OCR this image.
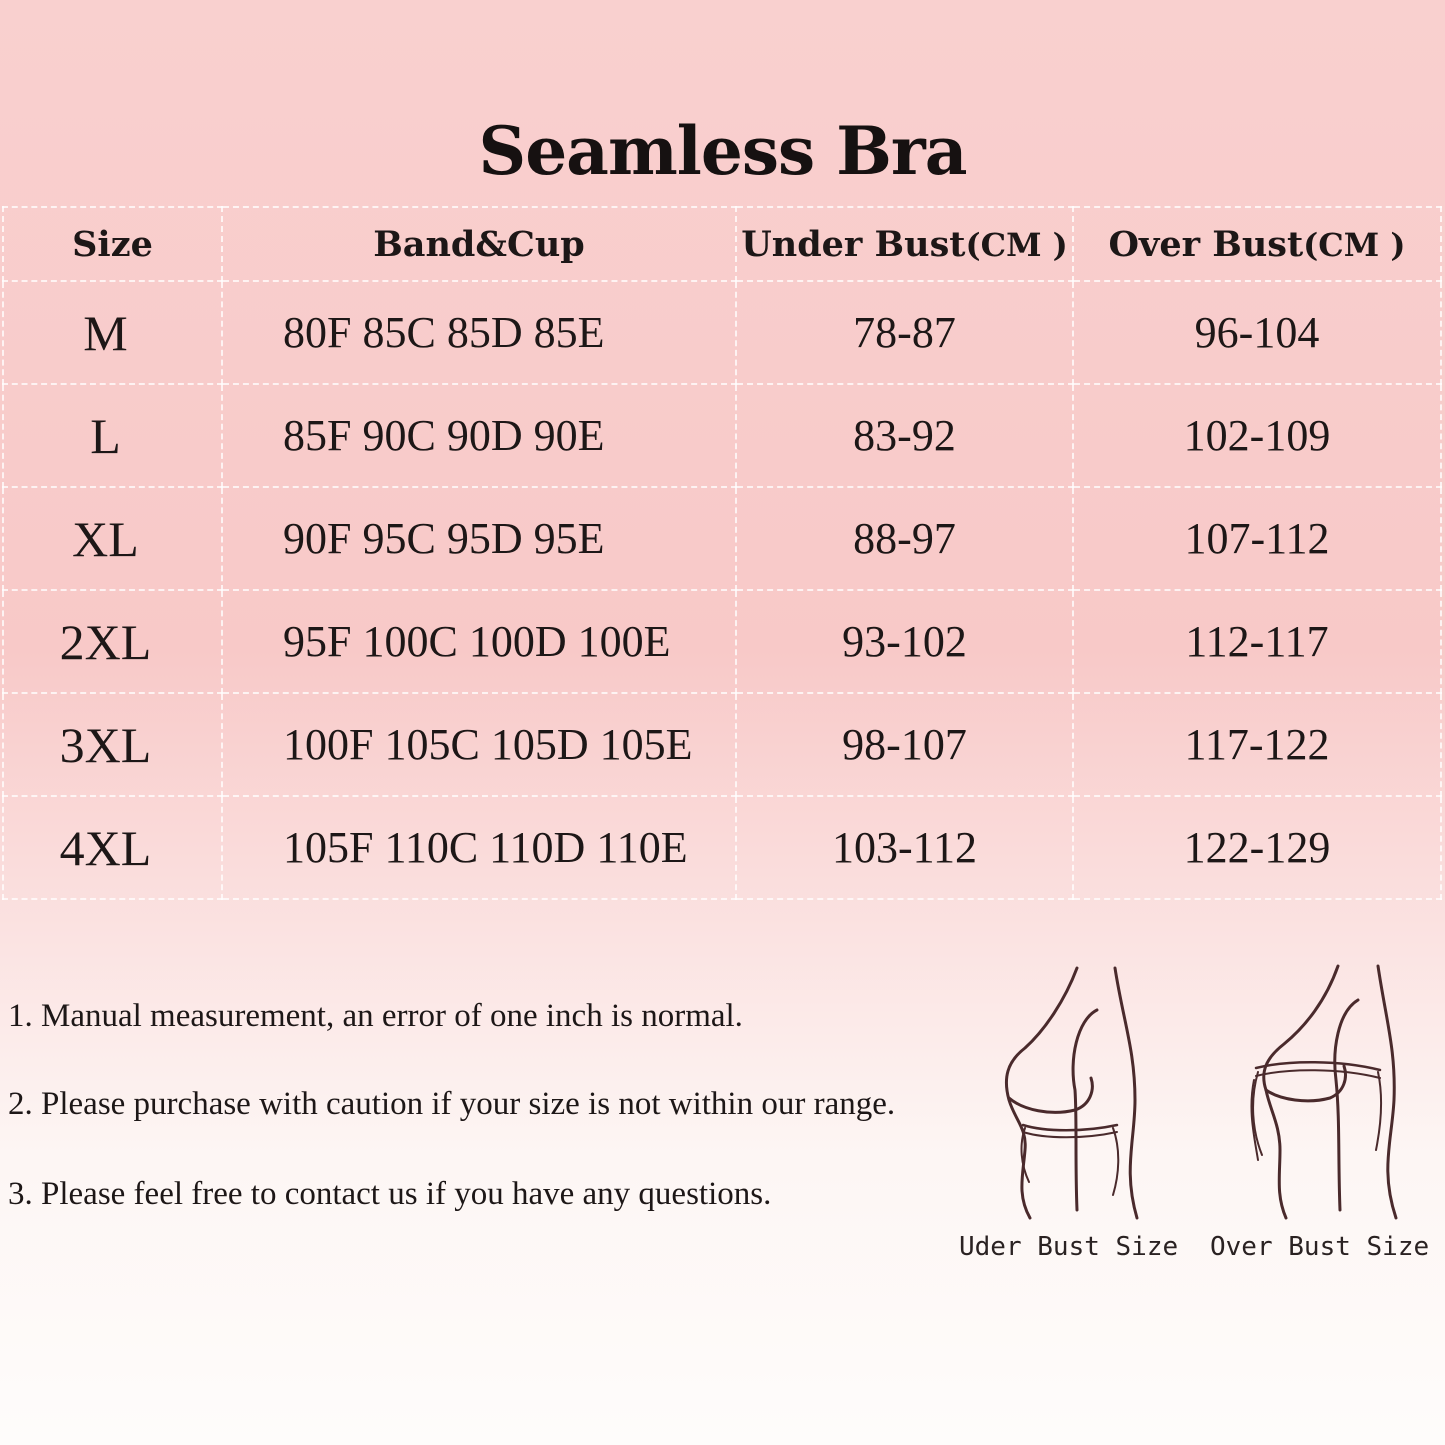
Seamless Bra
Size	Band&Cup	Under Bust(CM )	Over Bust(CM )
M	80F 85C 85D 85E	78-87	96-104
L	85F 90C 90D 90E	83-92	102-109
XL	90F 95C 95D 95E	88-97	107-112
2XL	95F 100C 100D 100E	93-102	112-117
3XL	100F 105C 105D 105E	98-107	117-122
4XL	105F 110C 110D 110E	103-112	122-129
1. Manual measurement, an error of one inch is normal.
2. Please purchase with caution if your size is not within our range.
3. Please feel free to contact us if you have any questions.
Uder Bust Size Over Bust Size
